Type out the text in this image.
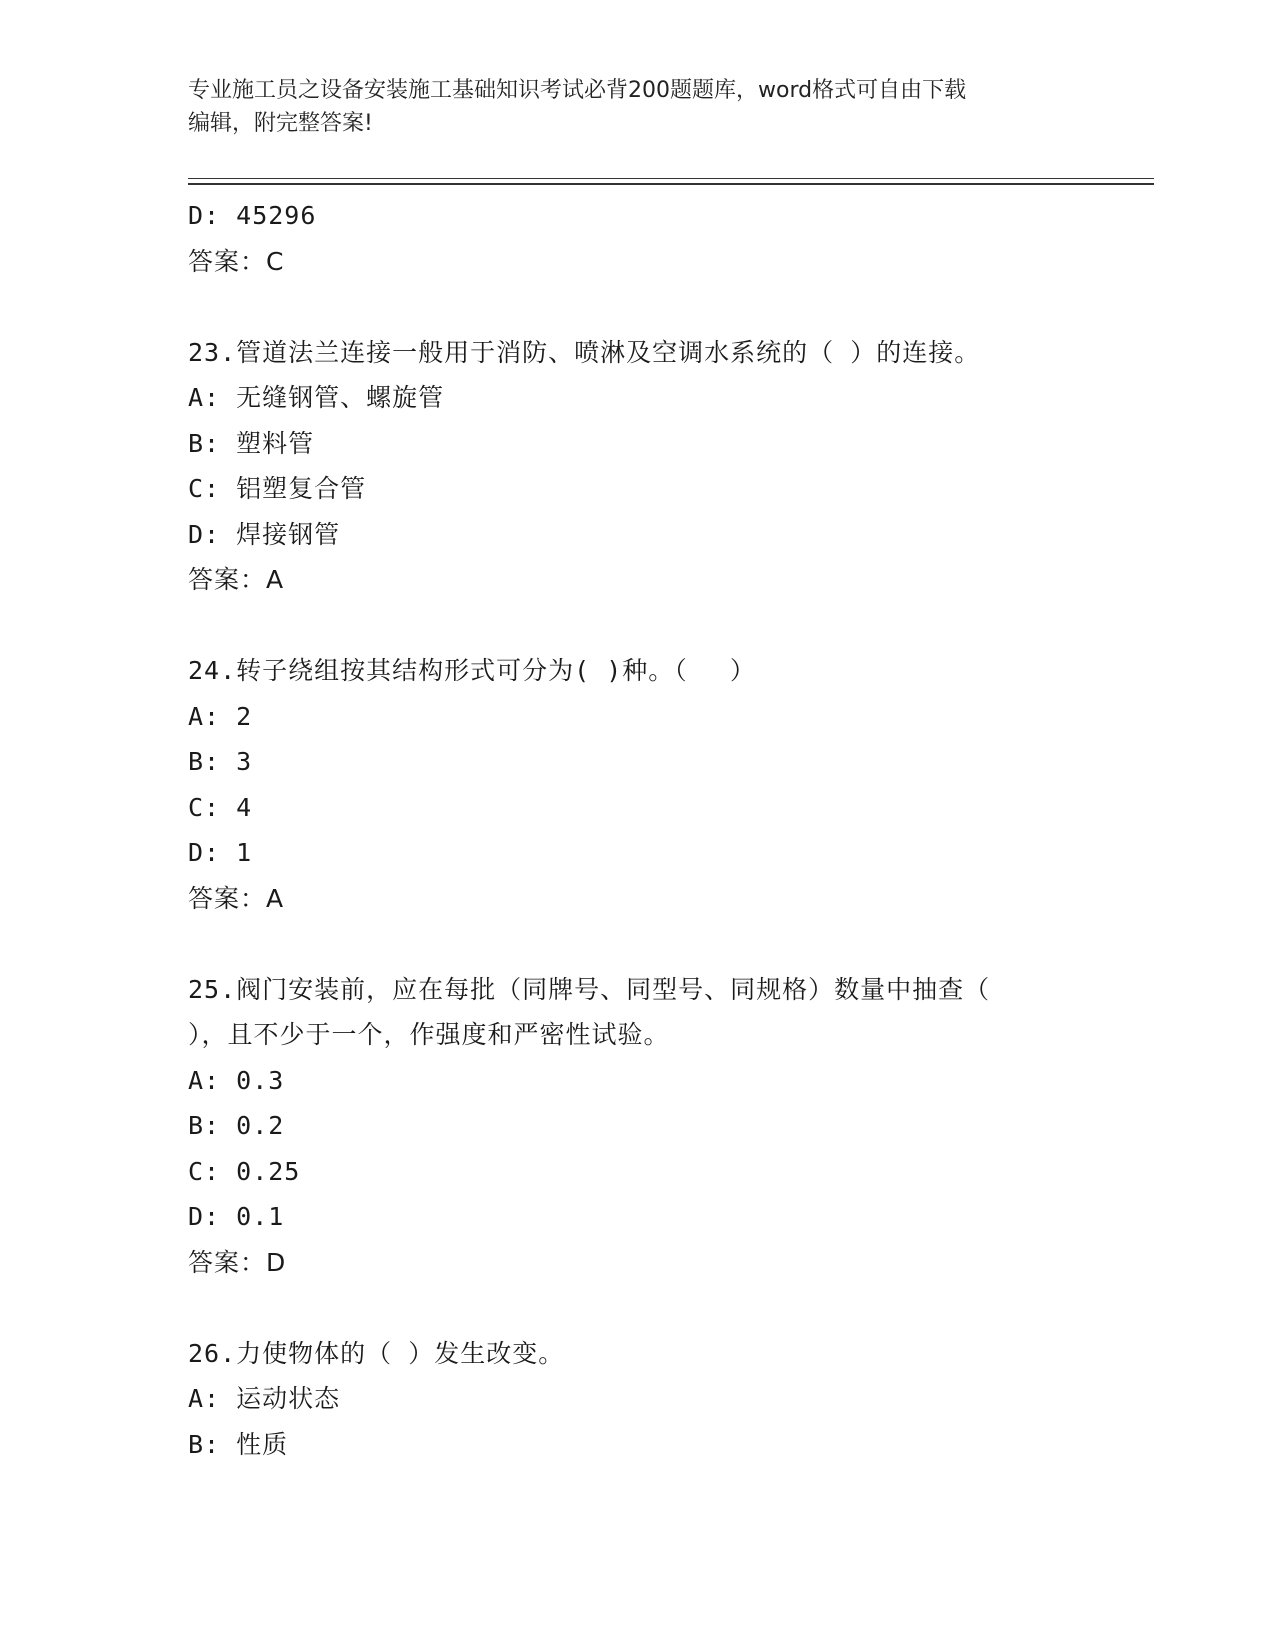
专业施工员之设备安装施工基础知识考试必背200题题库，word格式可自由下载
编辑，附完整答案!
D: 45296
答案：C
23.管道法兰连接一般用于消防、喷淋及空调水系统的（ ）的连接。
A: 无缝钢管、螺旋管
B: 塑料管
C: 铝塑复合管
D: 焊接钢管
答案：A
24.转子绕组按其结构形式可分为( )种。（　 ）
A: 2
B: 3
C: 4
D: 1
答案：A
25.阀门安装前，应在每批（同牌号、同型号、同规格）数量中抽查（
），且不少于一个，作强度和严密性试验。
A: 0.3
B: 0.2
C: 0.25
D: 0.1
答案：D
26.力使物体的（ ）发生改变。
A: 运动状态
B: 性质
